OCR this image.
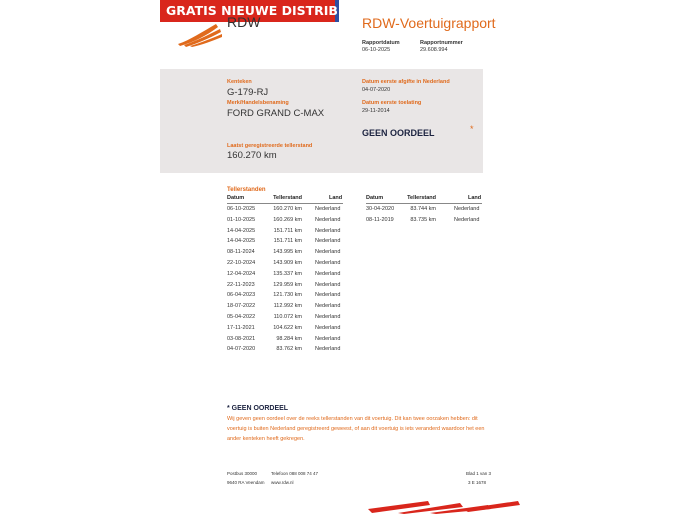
GRATIS NIEUWE DISTRIBUTIE RIEM
RDW	RDW-Voertuigrapport
Rapportdatum
06-10-2025
Rapportnummer
29.608.994
Kenteken
G-179-RJ
Merk/Handelsbenaming
FORD GRAND C-MAX
Laatst geregistreerde tellerstand
160.270 km
Datum eerste afgifte in Nederland
04-07-2020
Datum eerste toelating
29-11-2014
GEEN OORDEEL	*
Tellerstanden
Datum	Tellerstand	Land	Datum	Tellerstand	Land
06-10-2025	160.270 km Nederland
01-10-2025	160.269 km Nederland
14-04-2025	151.711 km Nederland
14-04-2025	151.711 km Nederland
08-11-2024	143.995 km Nederland
22-10-2024	143.909 km Nederland
12-04-2024	135.337 km Nederland
22-11-2023	129.959 km Nederland
06-04-2023	121.730 km Nederland
18-07-2022	112.992 km Nederland
05-04-2022	110.072 km Nederland
17-11-2021	104.622 km Nederland
03-08-2021	98.284 km Nederland
04-07-2020	83.762 km Nederland
30-04-2020	83.744 km	Nederland
08-11-2019	83.735 km	Nederland
* GEEN OORDEEL
Wij geven geen oordeel over de reeks tellerstanden van dit voertuig. Dit kan twee oorzaken hebben: dit voertuig is buiten Nederland geregistreerd geweest, of aan dit voertuig is iets veranderd waardoor het een ander kenteken heeft gekregen.
Postbus 30000
9640 RA Veendam
Telefoon 088 008 74 47
www.rdw.nl
Blad 1 van 3
3 E 1678
